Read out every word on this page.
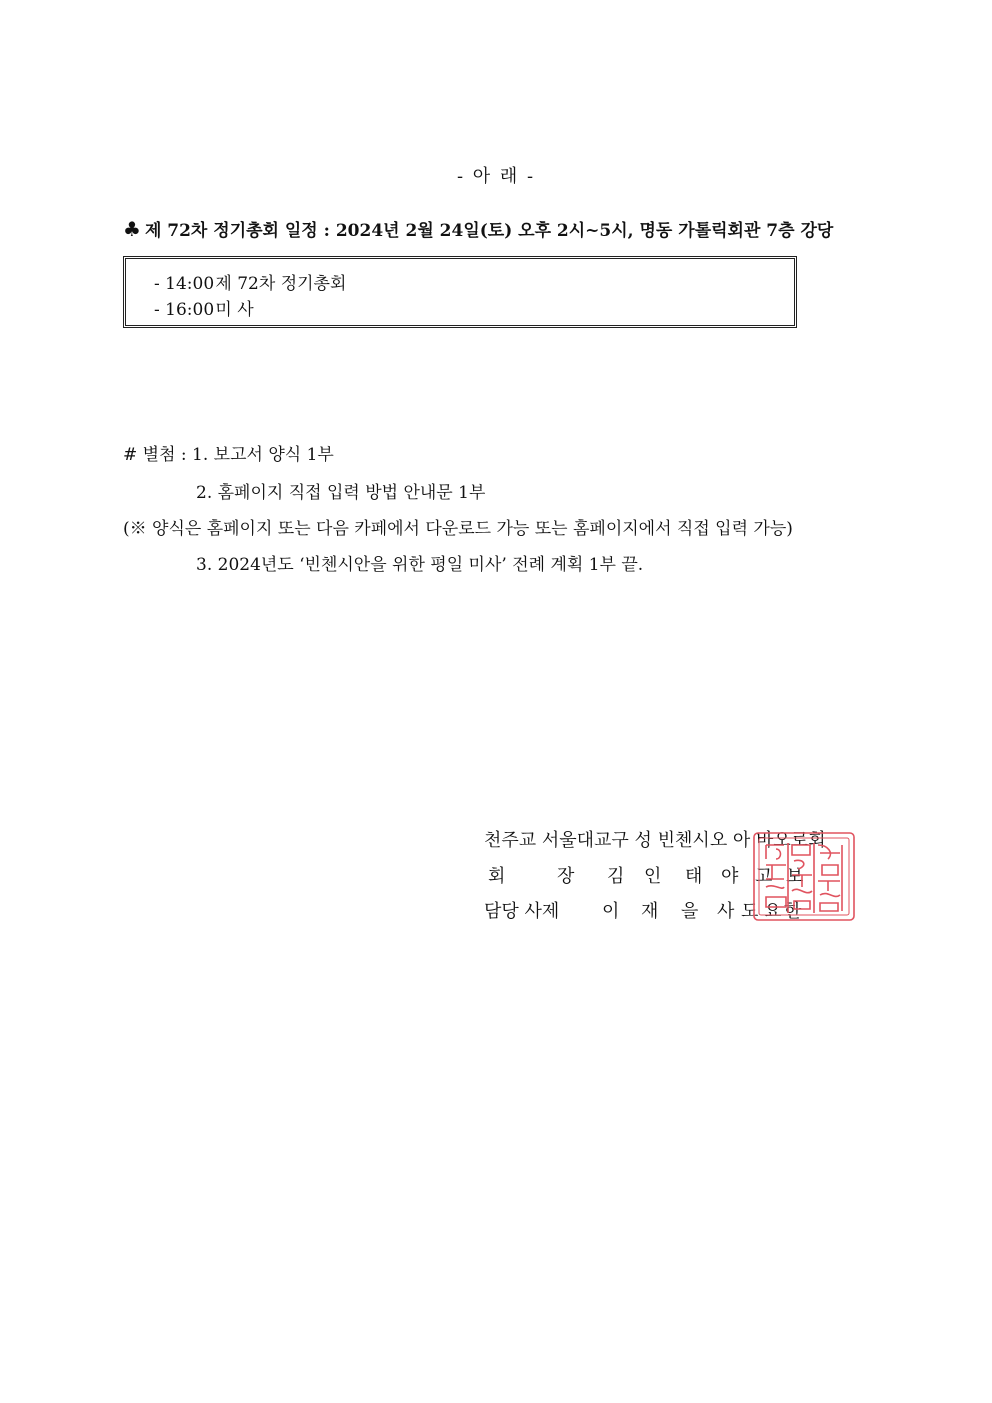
- 아 래 -
♣ 제 72차 정기총회 일정 : 2024년 2월 24일(토) 오후 2시~5시, 명동 가톨릭회관 7층 강당
- 14:00 제 72차 정기총회
- 16:00 미 사
# 별첨 : 1. 보고서 양식 1부
2. 홈페이지 직접 입력 방법 안내문 1부
(※ 양식은 홈페이지 또는 다음 카페에서 다운로드 가능 또는 홈페이지에서 직접 입력 가능)
3. 2024년도 ‘빈첸시안을 위한 평일 미사’ 전례 계획 1부 끝.
천주교 서울대교구 성 빈첸시오 아 바오로회
회	장 김 인 태 야 고 보
담당 사제 이 재 을 사 도 요 한
